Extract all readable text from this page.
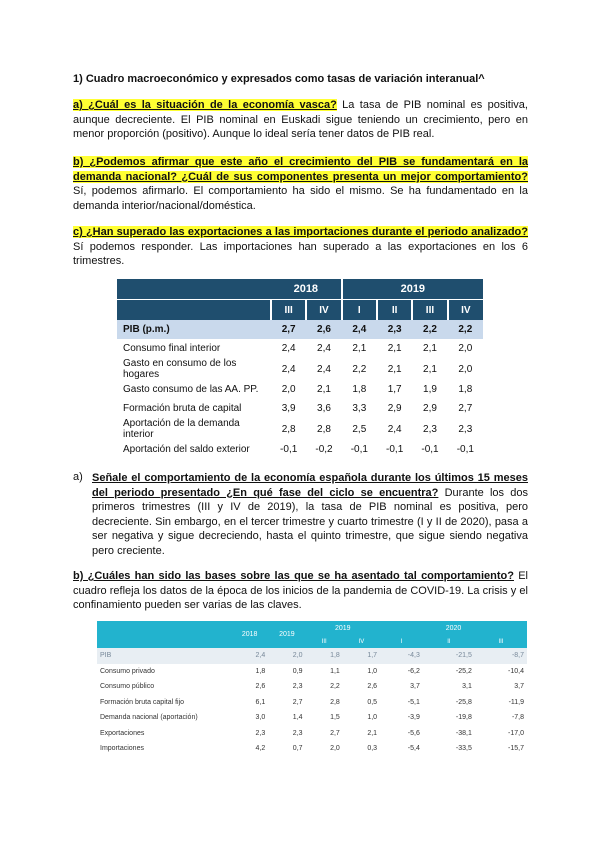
1) Cuadro macroeconómico y expresados como tasas de variación interanual^
a) ¿Cuál es la situación de la economía vasca? La tasa de PIB nominal es positiva, aunque decreciente. El PIB nominal en Euskadi sigue teniendo un crecimiento, pero en menor proporción (positivo). Aunque lo ideal sería tener datos de PIB real.
b) ¿Podemos afirmar que este año el crecimiento del PIB se fundamentará en la demanda nacional? ¿Cuál de sus componentes presenta un mejor comportamiento? Sí, podemos afirmarlo. El comportamiento ha sido el mismo. Se ha fundamentado en la demanda interior/nacional/doméstica.
c) ¿Han superado las exportaciones a las importaciones durante el periodo analizado? Sí podemos responder. Las importaciones han superado a las exportaciones en los 6 trimestres.
	2018		2019			
	III	IV	I	II	III	IV
PIB (p.m.)	2,7	2,6	2,4	2,3	2,2	2,2
Consumo final interior	2,4	2,4	2,1	2,1	2,1	2,0
Gasto en consumo de los hogares	2,4	2,4	2,2	2,1	2,1	2,0
Gasto consumo de las AA. PP.	2,0	2,1	1,8	1,7	1,9	1,8
Formación bruta de capital	3,9	3,6	3,3	2,9	2,9	2,7
Aportación de la demanda interior	2,8	2,8	2,5	2,4	2,3	2,3
Aportación del saldo exterior	-0,1	-0,2	-0,1	-0,1	-0,1	-0,1
a) Señale el comportamiento de la economía española durante los últimos 15 meses del periodo presentado ¿En qué fase del ciclo se encuentra? Durante los dos primeros trimestres (III y IV de 2019), la tasa de PIB nominal es positiva, pero decreciente. Sin embargo, en el tercer trimestre y cuarto trimestre (I y II de 2020), pasa a ser negativa y sigue decreciendo, hasta el quinto trimestre, que sigue siendo negativa pero creciente.
b) ¿Cuáles han sido las bases sobre las que se ha asentado tal comportamiento? El cuadro refleja los datos de la época de los inicios de la pandemia de COVID-19. La crisis y el confinamiento pueden ser varias de las claves.
	2018	2019	2019		2020		
			III	IV	I	II	III
PIB	2,4	2,0	1,8	1,7	-4,3	-21,5	-8,7
Consumo privado	1,8	0,9	1,1	1,0	-6,2	-25,2	-10,4
Consumo público	2,6	2,3	2,2	2,6	3,7	3,1	3,7
Formación bruta capital fijo	6,1	2,7	2,8	0,5	-5,1	-25,8	-11,9
Demanda nacional (aportación)	3,0	1,4	1,5	1,0	-3,9	-19,8	-7,8
Exportaciones	2,3	2,3	2,7	2,1	-5,6	-38,1	-17,0
Importaciones	4,2	0,7	2,0	0,3	-5,4	-33,5	-15,7
